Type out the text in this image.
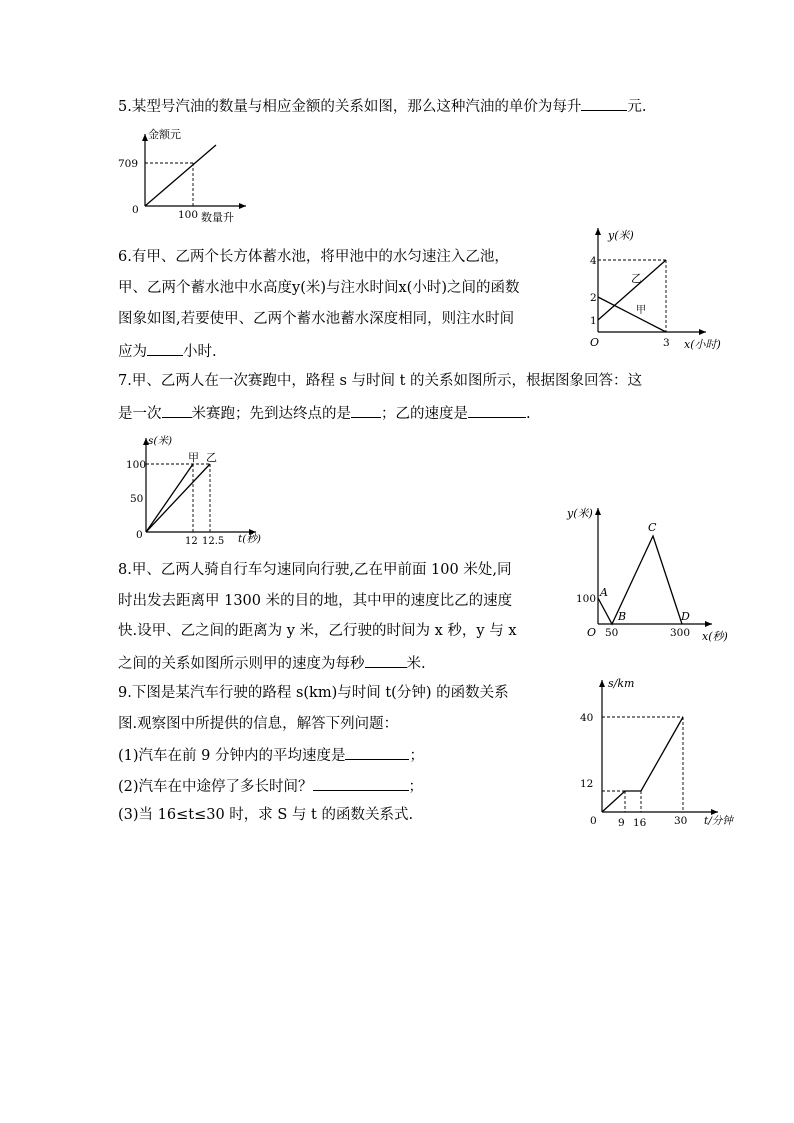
5.某型号汽油的数量与相应金额的关系如图，那么这种汽油的单价为每升	元.
金额元
709
0	100 数量升
6.有甲、乙两个长方体蓄水池，将甲池中的水匀速注入乙池，
甲、乙两个蓄水池中水高度y(米)与注水时间x(小时)之间的函数
图象如图,若要使甲、乙两个蓄水池蓄水深度相同，则注水时间
应为 小时.
y(米)
4
2
1
O	3 x(小时)
乙
甲
7.甲、乙两人在一次赛跑中，路程 s 与时间 t 的关系如图所示，根据图象回答：这
是一次 米赛跑；先到达终点的是 ；乙的速度是	.
s(米)
100
50
0
12 12.5 t(秒)
甲 乙
8.甲、乙两人骑自行车匀速同向行驶,乙在甲前面 100 米处,同
时出发去距离甲 1300 米的目的地，其中甲的速度比乙的速度
快.设甲、乙之间的距离为 y 米，乙行驶的时间为 x 秒，y 与 x
之间的关系如图所示则甲的速度为每秒	米.
y(米)
100
O 50	300 x(秒)
A
B
C
D
9.下图是某汽车行驶的路程 s(km)与时间 t(分钟) 的函数关系
图.观察图中所提供的信息，解答下列问题：
(1)汽车在前 9 分钟内的平均速度是	；
(2)汽车在中途停了多长时间？	；
(3)当 16≤t≤30 时，求 S 与 t 的函数关系式.
s/km
40
12
0 9 16	30 t/分钟
